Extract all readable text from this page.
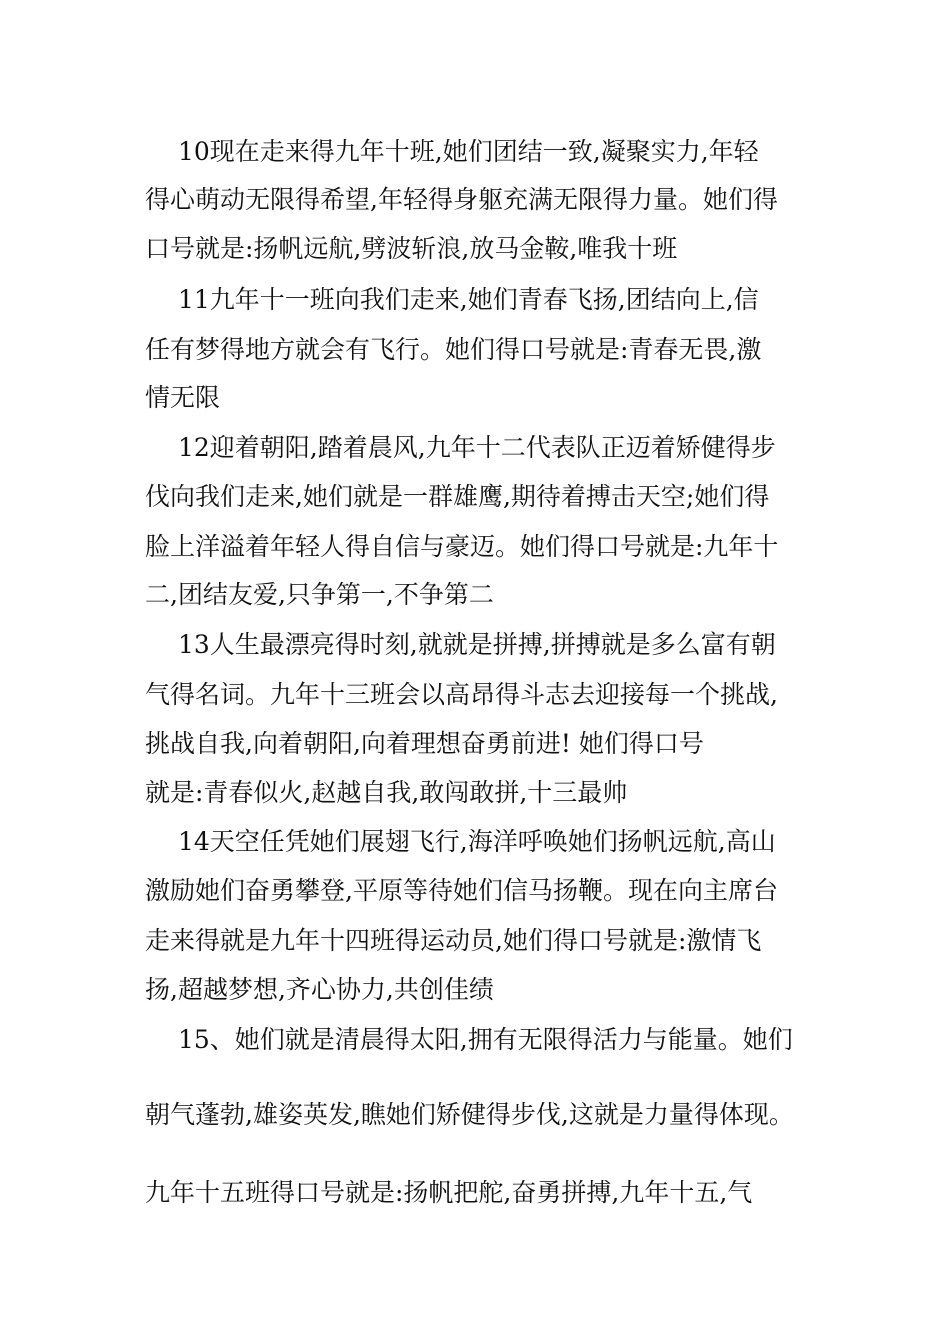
10现在走来得九年十班,她们团结一致,凝聚实力,年轻
得心萌动无限得希望,年轻得身躯充满无限得力量。她们得
口号就是:扬帆远航,劈波斩浪,放马金鞍,唯我十班
11九年十一班向我们走来,她们青春飞扬,团结向上,信
任有梦得地方就会有飞行。她们得口号就是:青春无畏,激
情无限
12迎着朝阳,踏着晨风,九年十二代表队正迈着矫健得步
伐向我们走来,她们就是一群雄鹰,期待着搏击天空;她们得
脸上洋溢着年轻人得自信与豪迈。她们得口号就是:九年十
二,团结友爱,只争第一,不争第二
13人生最漂亮得时刻,就就是拼搏,拼搏就是多么富有朝
气得名词。九年十三班会以高昂得斗志去迎接每一个挑战,
挑战自我,向着朝阳,向着理想奋勇前进! 她们得口号
就是:青春似火,赵越自我,敢闯敢拼,十三最帅
14天空任凭她们展翅飞行,海洋呼唤她们扬帆远航,高山
激励她们奋勇攀登,平原等待她们信马扬鞭。现在向主席台
走来得就是九年十四班得运动员,她们得口号就是:激情飞
扬,超越梦想,齐心协力,共创佳绩
15、她们就是清晨得太阳,拥有无限得活力与能量。她们
朝气蓬勃,雄姿英发,瞧她们矫健得步伐,这就是力量得体现。
九年十五班得口号就是:扬帆把舵,奋勇拼搏,九年十五,气
